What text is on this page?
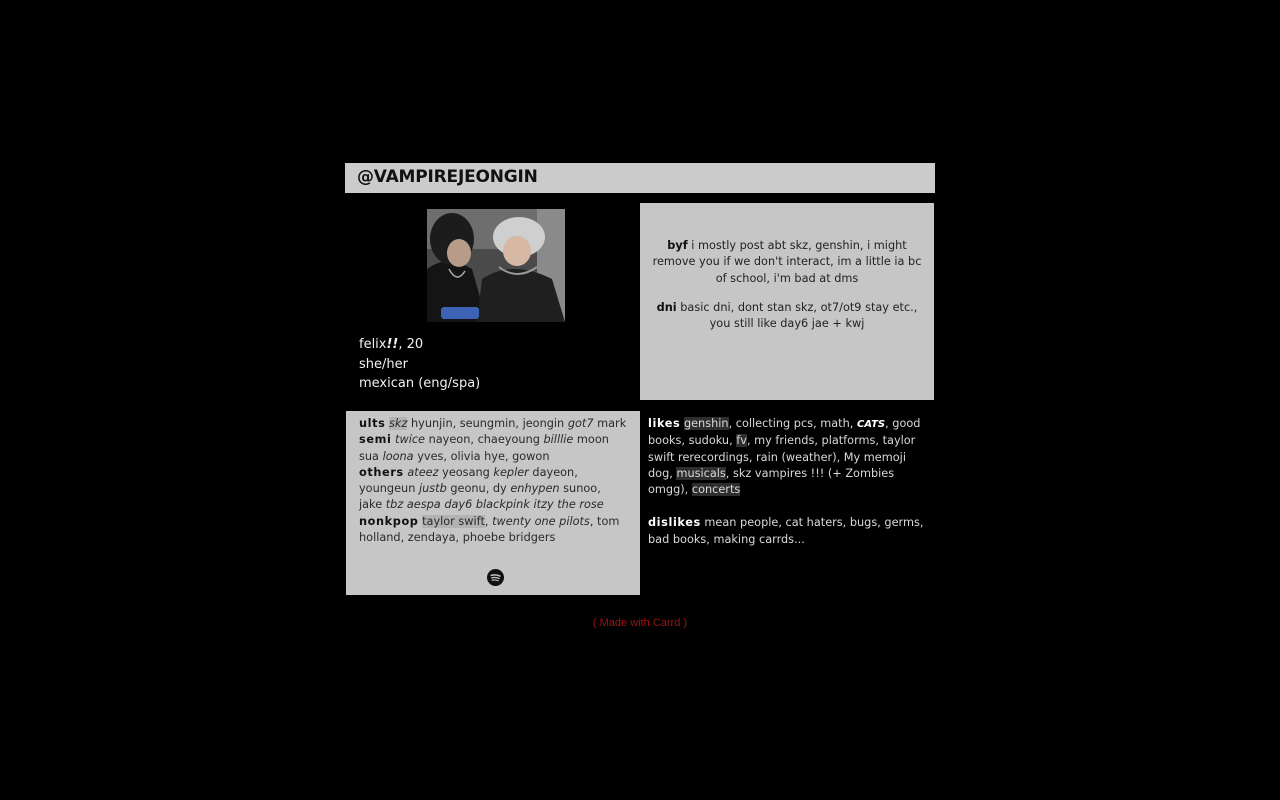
@VAMPIREJEONGIN
felix!!, 20
she/her
mexican (eng/spa)

byf i mostly post abt skz, genshin, i might remove you if we don't interact, im a little ia bc of school, i'm bad at dms

dni basic dni, dont stan skz, ot7/ot9 stay etc., you still like day6 jae + kwj

ults skz hyunjin, seungmin, jeongin got7 mark
semi twice nayeon, chaeyoung billlie moon sua loona yves, olivia hye, gowon
others ateez yeosang kepler dayeon, youngeun justb geonu, dy enhypen sunoo, jake tbz aespa day6 blackpink itzy the rose
nonkpop taylor swift, twenty one pilots, tom holland, zendaya, phoebe bridgers

likes genshin, collecting pcs, math, CATS, good books, sudoku, fv, my friends, platforms, taylor swift rerecordings, rain (weather), My memoji dog, musicals, skz vampires !!! (+ Zombies omgg), concerts

dislikes mean people, cat haters, bugs, germs, bad books, making carrds...

( Made with Carrd )
